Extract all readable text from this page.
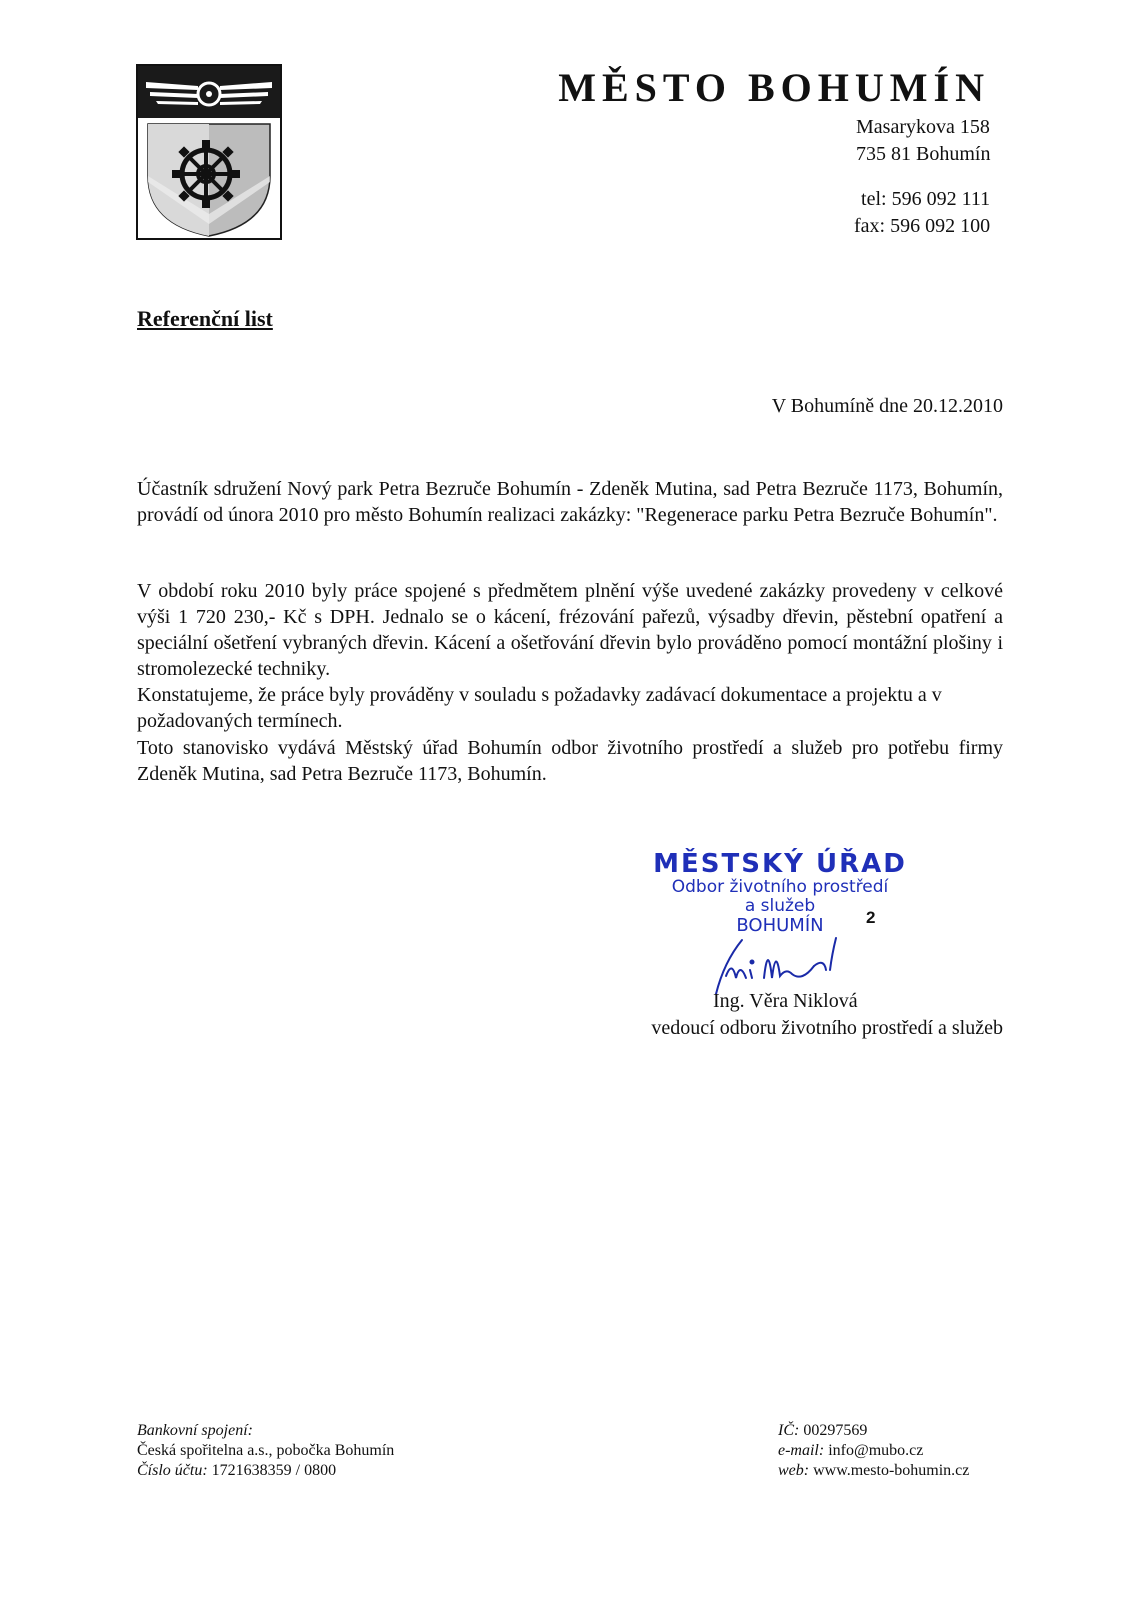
MĚSTO BOHUMÍN
Masarykova 158
735 81 Bohumín
tel: 596 092 111
fax: 596 092 100
Referenční list
V Bohumíně dne 20.12.2010

Účastník sdružení Nový park Petra Bezruče Bohumín - Zdeněk Mutina, sad Petra Bezruče 1173, Bohumín, provádí od února 2010 pro město Bohumín realizaci zakázky: "Regenerace parku Petra Bezruče Bohumín".

V období roku 2010 byly práce spojené s předmětem plnění výše uvedené zakázky provedeny v celkové výši 1 720 230,- Kč s DPH. Jednalo se o kácení, frézování pařezů, výsadby dřevin, pěstební opatření a speciální ošetření vybraných dřevin. Kácení a ošetřování dřevin bylo prováděno pomocí montážní plošiny i stromolezecké techniky.
Konstatujeme, že práce byly prováděny v souladu s požadavky zadávací dokumentace a projektu a v požadovaných termínech.

Toto stanovisko vydává Městský úřad Bohumín odbor životního prostředí a služeb pro potřebu firmy Zdeněk Mutina, sad Petra Bezruče 1173, Bohumín.

MĚSTSKÝ ÚŘAD
Odbor životního prostředí
a služeb
BOHUMÍN	2
Ing. Věra Niklová
vedoucí odboru životního prostředí a služeb
Bankovní spojení:
Česká spořitelna a.s., pobočka Bohumín
Číslo účtu: 1721638359 / 0800
IČ: 00297569
e-mail: info@mubo.cz
web: www.mesto-bohumin.cz
